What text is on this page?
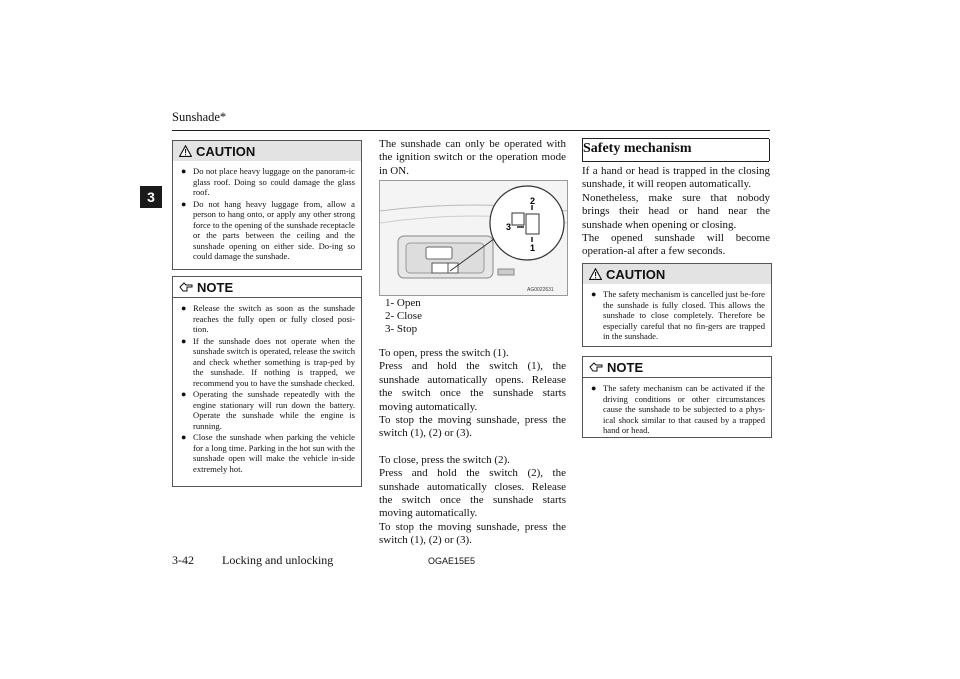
Sunshade*
3
CAUTION
● Do not place heavy luggage on the panoram-ic glass roof. Doing so could damage the glass roof.
● Do not hang heavy luggage from, allow a person to hang onto, or apply any other strong force to the opening of the sunshade receptacle or the parts between the ceiling and the sunshade opening on either side. Do-ing so could damage the sunshade.
NOTE
● Release the switch as soon as the sunshade reaches the fully open or fully closed posi-tion.
● If the sunshade does not operate when the sunshade switch is operated, release the switch and check whether something is trap-ped by the sunshade. If nothing is trapped, we recommend you to have the sunshade checked.
● Operating the sunshade repeatedly with the engine stationary will run down the battery. Operate the sunshade while the engine is running.
● Close the sunshade when parking the vehicle for a long time. Parking in the hot sun with the sunshade open will make the vehicle in-side extremely hot.
The sunshade can only be operated with the ignition switch or the operation mode in ON.
2
3
1
AG0022631
1- Open
2- Close
3- Stop
To open, press the switch (1).
Press and hold the switch (1), the sunshade automatically opens. Release the switch once the sunshade starts moving automatically.
To stop the moving sunshade, press the switch (1), (2) or (3).
To close, press the switch (2).
Press and hold the switch (2), the sunshade automatically closes. Release the switch once the sunshade starts moving automatically.
To stop the moving sunshade, press the switch (1), (2) or (3).
Safety mechanism
If a hand or head is trapped in the closing sunshade, it will reopen automatically.
Nonetheless, make sure that nobody brings their head or hand near the sunshade when opening or closing.
The opened sunshade will become operation-al after a few seconds.
CAUTION
● The safety mechanism is cancelled just be-fore the sunshade is fully closed. This allows the sunshade to close completely. Therefore be especially careful that no fin-gers are trapped in the sunshade.
NOTE
● The safety mechanism can be activated if the driving conditions or other circumstances cause the sunshade to be subjected to a phys-ical shock similar to that caused by a trapped hand or head.
3-42 Locking and unlocking	OGAE15E5
